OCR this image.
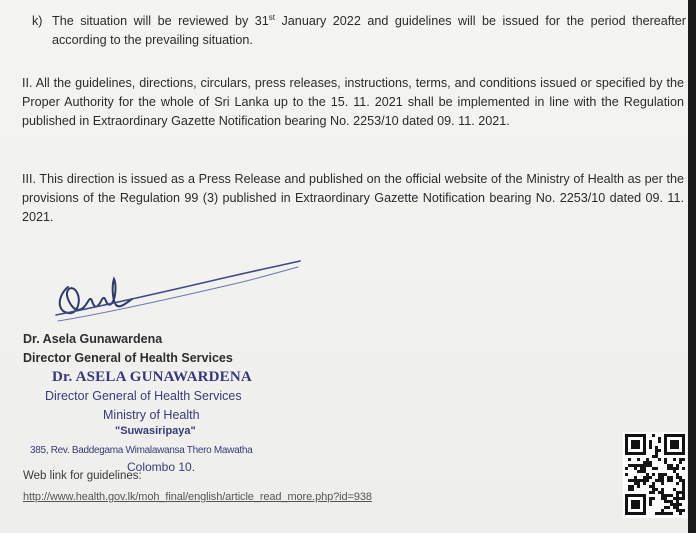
k) The situation will be reviewed by 31st January 2022 and guidelines will be issued for the period thereafter according to the prevailing situation.

II. All the guidelines, directions, circulars, press releases, instructions, terms, and conditions issued or specified by the Proper Authority for the whole of Sri Lanka up to the 15. 11. 2021 shall be implemented in line with the Regulation published in Extraordinary Gazette Notification bearing No. 2253/10 dated 09. 11. 2021.

III. This direction is issued as a Press Release and published on the official website of the Ministry of Health as per the provisions of the Regulation 99 (3) published in Extraordinary Gazette Notification bearing No. 2253/10 dated 09. 11. 2021.

Dr. Asela Gunawardena
Director General of Health Services
Dr. ASELA GUNAWARDENA
Director General of Health Services
Ministry of Health
"Suwasiripaya"
385, Rev. Baddegama Wimalawansa Thero Mawatha
Colombo 10.
Web link for guidelines:
http://www.health.gov.lk/moh_final/english/article_read_more.php?id=938
